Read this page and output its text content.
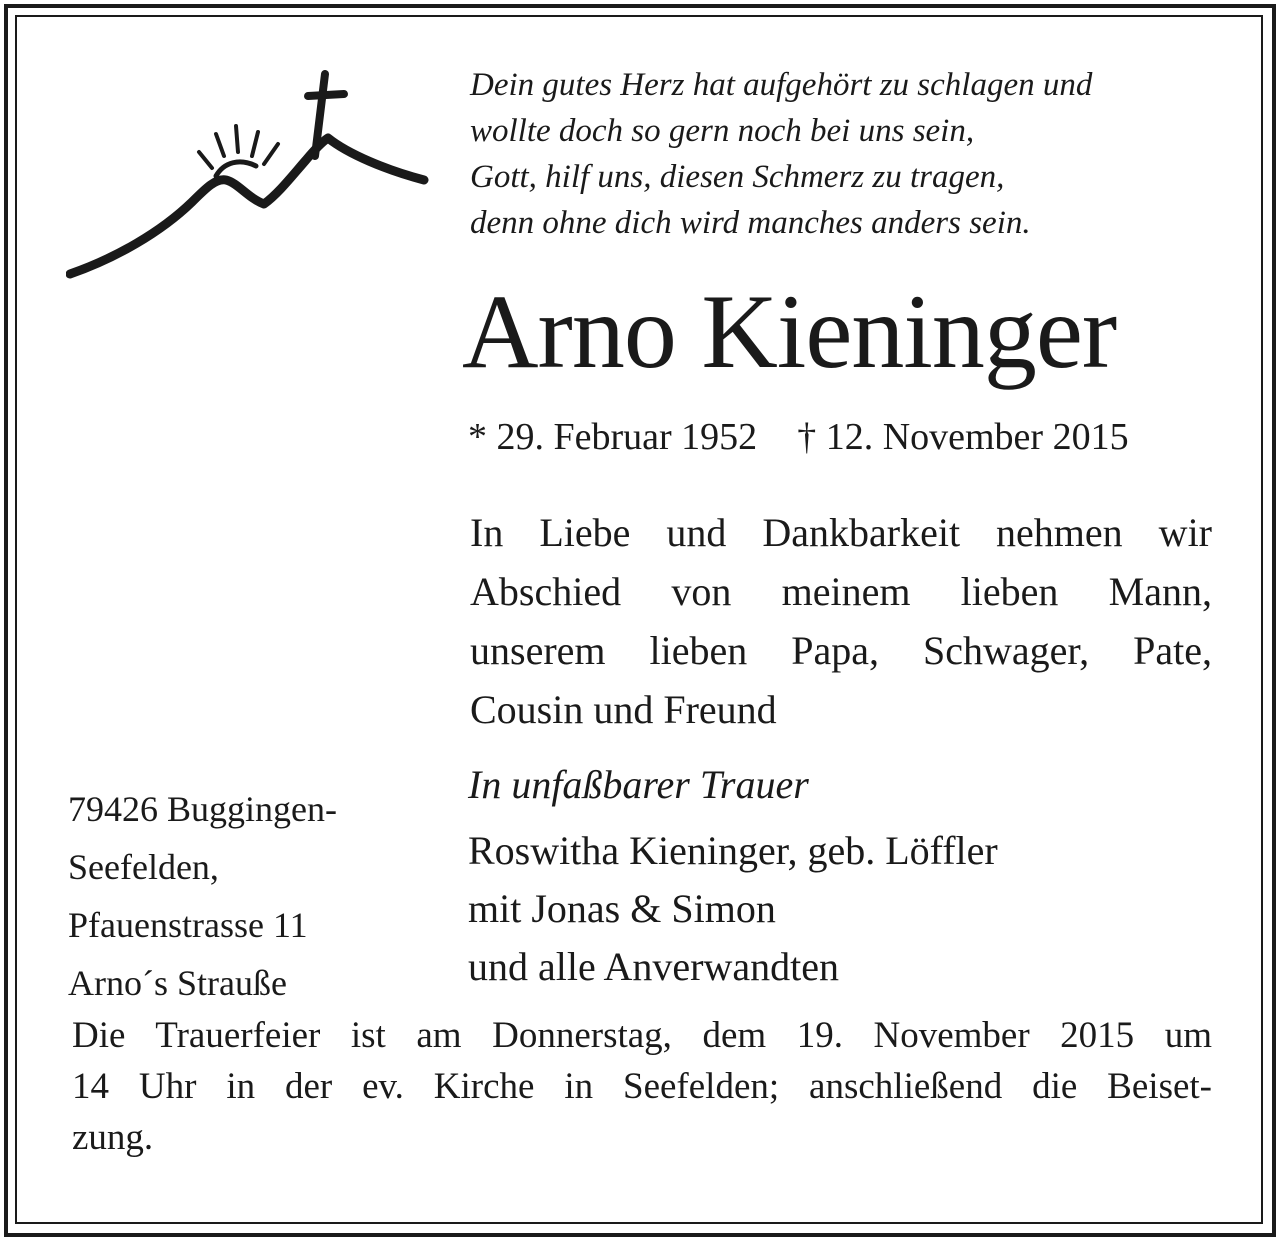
Dein gutes Herz hat aufgehört zu schlagen und
wollte doch so gern noch bei uns sein,
Gott, hilf uns, diesen Schmerz zu tragen,
denn ohne dich wird manches anders sein.
Arno Kieninger
* 29. Februar 1952 † 12. November 2015
In Liebe und Dankbarkeit nehmen wir
Abschied von meinem lieben Mann,
unserem lieben Papa, Schwager, Pate,
Cousin und Freund
In unfaßbarer Trauer
Roswitha Kieninger, geb. Löffler
mit Jonas & Simon
und alle Anverwandten
79426 Buggingen-
Seefelden,
Pfauenstrasse 11
Arno´s Strauße
Die Trauerfeier ist am Donnerstag, dem 19. November 2015 um
14 Uhr in der ev. Kirche in Seefelden; anschließend die Beiset-
zung.
